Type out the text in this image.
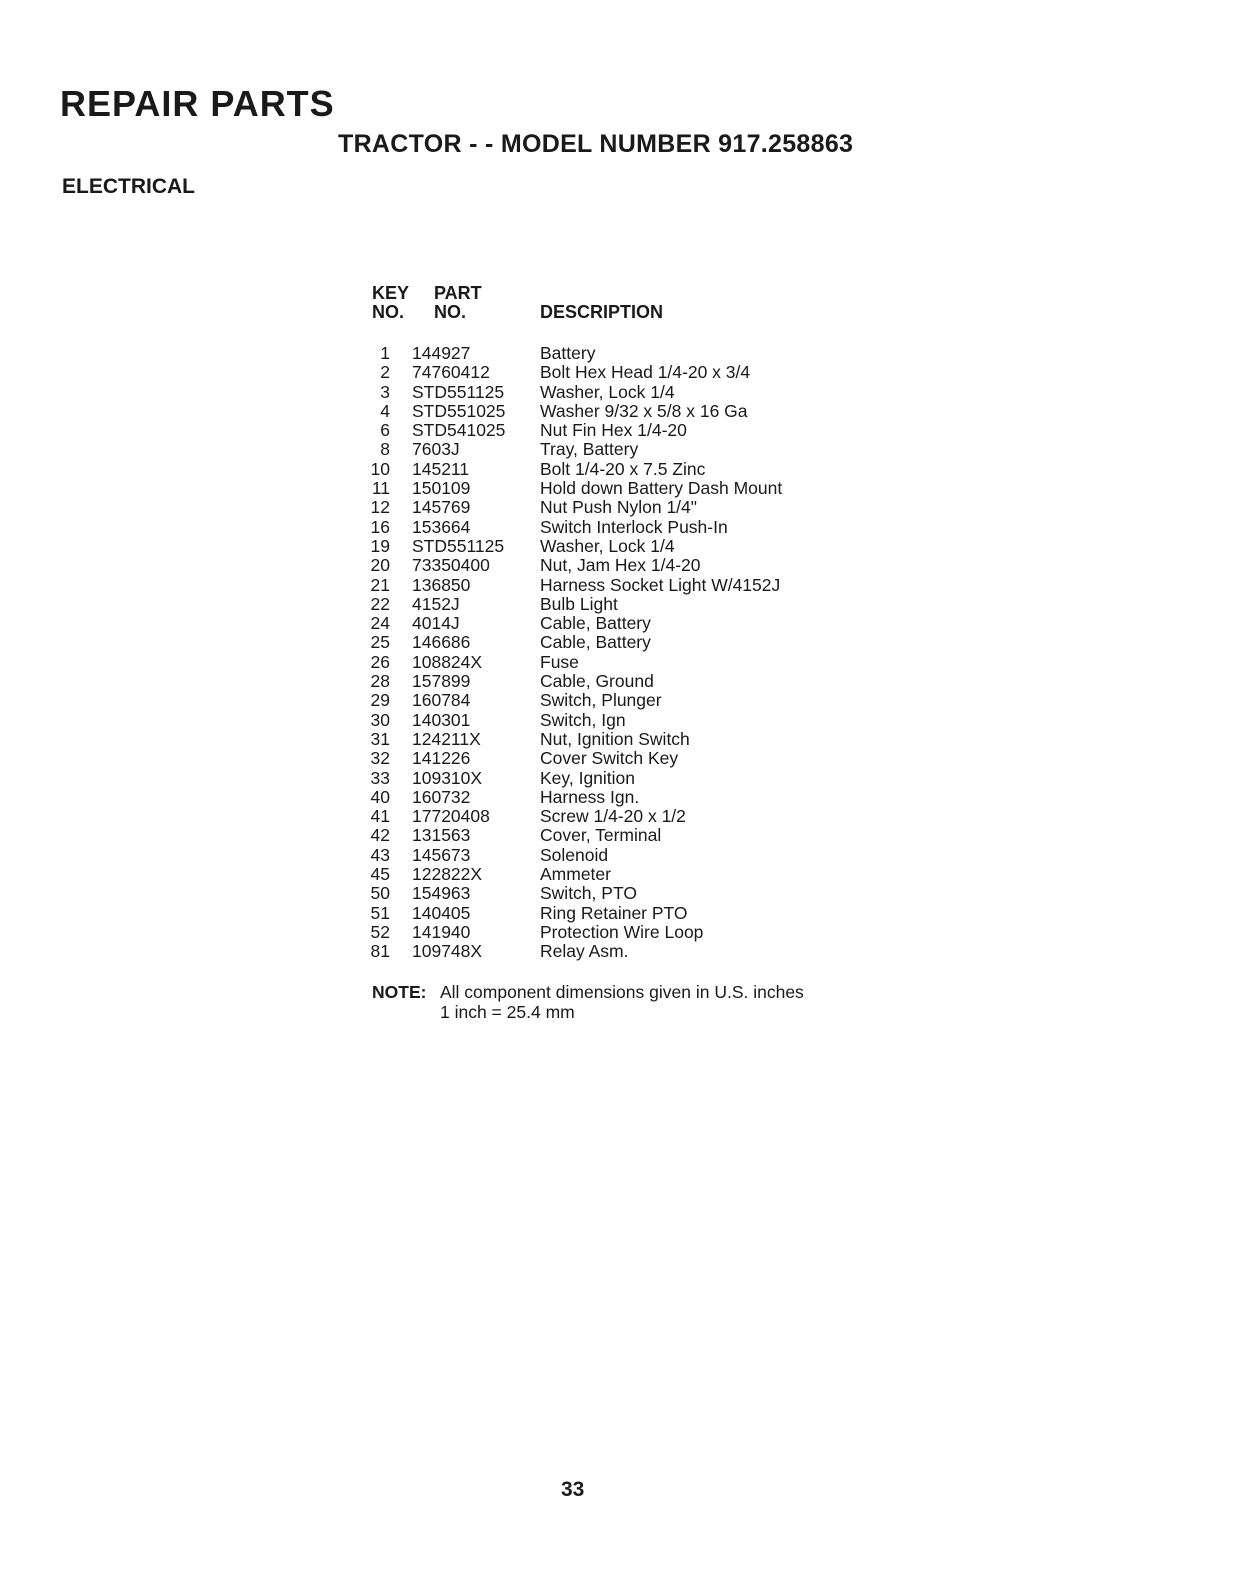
REPAIR PARTS
TRACTOR - - MODEL NUMBER 917.258863
ELECTRICAL
KEY
NO.
PART
NO.	DESCRIPTION
1 144927	Battery
2 74760412	Bolt Hex Head 1/4-20 x 3/4
3 STD551125 Washer, Lock 1/4
4 STD551025 Washer 9/32 x 5/8 x 16 Ga
6 STD541025 Nut Fin Hex 1/4-20
8 7603J	Tray, Battery
10 145211	Bolt 1/4-20 x 7.5 Zinc
11 150109	Hold down Battery Dash Mount
12 145769	Nut Push Nylon 1/4"
16 153664	Switch Interlock Push-In
19 STD551125 Washer, Lock 1/4
20 73350400	Nut, Jam Hex 1/4-20
21 136850	Harness Socket Light W/4152J
22 4152J	Bulb Light
24 4014J	Cable, Battery
25 146686	Cable, Battery
26 108824X	Fuse
28 157899	Cable, Ground
29 160784	Switch, Plunger
30 140301	Switch, Ign
31 124211X	Nut, Ignition Switch
32 141226	Cover Switch Key
33 109310X	Key, Ignition
40 160732	Harness Ign.
41 17720408	Screw 1/4-20 x 1/2
42 131563	Cover, Terminal
43 145673	Solenoid
45 122822X	Ammeter
50 154963	Switch, PTO
51 140405	Ring Retainer PTO
52 141940	Protection Wire Loop
81 109748X	Relay Asm.
NOTE: All component dimensions given in U.S. inches
1 inch = 25.4 mm
33
